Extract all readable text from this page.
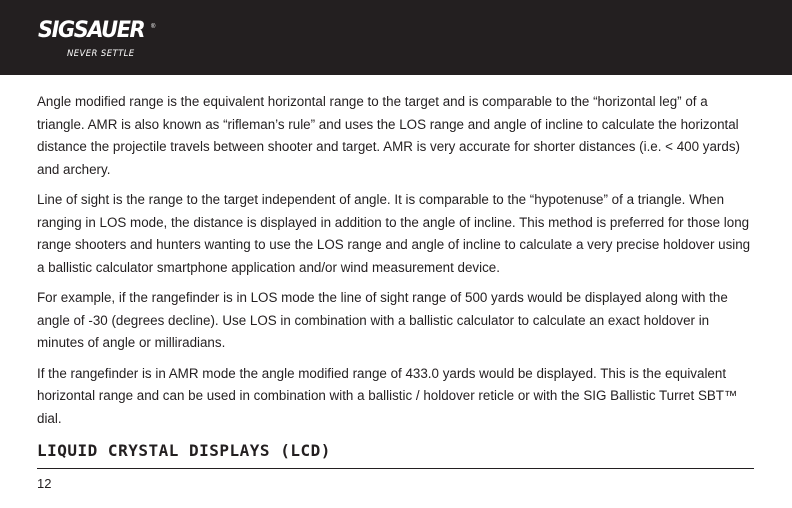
SIGSAUER ®
NEVER SETTLE

Angle modified range is the equivalent horizontal range to the target and is comparable to the “horizontal leg” of a triangle. AMR is also known as “rifleman’s rule” and uses the LOS range and angle of incline to calculate the horizontal distance the projectile travels between shooter and target. AMR is very accurate for shorter distances (i.e. < 400 yards) and archery.

Line of sight is the range to the target independent of angle. It is comparable to the “hypotenuse” of a triangle. When ranging in LOS mode, the distance is displayed in addition to the angle of incline. This method is preferred for those long range shooters and hunters wanting to use the LOS range and angle of incline to calculate a very precise holdover using a ballistic calculator smartphone application and/or wind measurement device.

For example, if the rangefinder is in LOS mode the line of sight range of 500 yards would be displayed along with the angle of -30 (degrees decline). Use LOS in combination with a ballistic calculator to calculate an exact holdover in minutes of angle or milliradians.

If the rangefinder is in AMR mode the angle modified range of 433.0 yards would be displayed. This is the equivalent horizontal range and can be used in combination with a ballistic / holdover reticle or with the SIG Ballistic Turret SBT™ dial.

LIQUID CRYSTAL DISPLAYS (LCD)
12
